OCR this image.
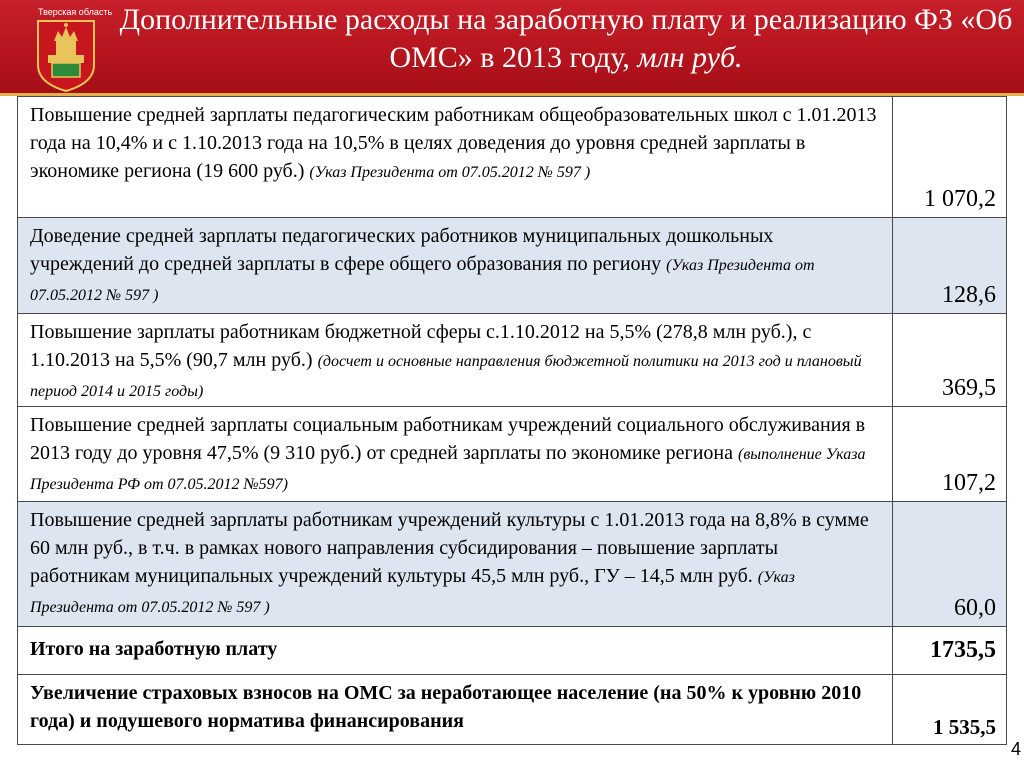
Тверская область Дополнительные расходы на заработную плату и реализацию ФЗ «Об ОМС» в 2013 году, млн руб.
Повышение средней зарплаты педагогическим работникам общеобразовательных школ с 1.01.2013 года на 10,4% и с 1.10.2013 года на 10,5% в целях доведения до уровня средней зарплаты в экономике региона (19 600 руб.) (Указ Президента от 07.05.2012 № 597 )	1 070,2
Доведение средней зарплаты педагогических работников муниципальных дошкольных учреждений до средней зарплаты в сфере общего образования по региону (Указ Президента от 07.05.2012 № 597 )	128,6
Повышение зарплаты работникам бюджетной сферы с.1.10.2012 на 5,5% (278,8 млн руб.), с 1.10.2013 на 5,5% (90,7 млн руб.) (досчет и основные направления бюджетной политики на 2013 год и плановый период 2014 и 2015 годы)	369,5
Повышение средней зарплаты социальным работникам учреждений социального обслуживания в 2013 году до уровня 47,5% (9 310 руб.) от средней зарплаты по экономике региона (выполнение Указа Президента РФ от 07.05.2012 №597)	107,2
Повышение средней зарплаты работникам учреждений культуры с 1.01.2013 года на 8,8% в сумме 60 млн руб., в т.ч. в рамках нового направления субсидирования – повышение зарплаты работникам муниципальных учреждений культуры 45,5 млн руб., ГУ – 14,5 млн руб. (Указ Президента от 07.05.2012 № 597 )	60,0
Итого на заработную плату	1735,5
Увеличение страховых взносов на ОМС за неработающее население (на 50% к уровню 2010 года) и подушевого норматива финансирования	1 535,5
4
